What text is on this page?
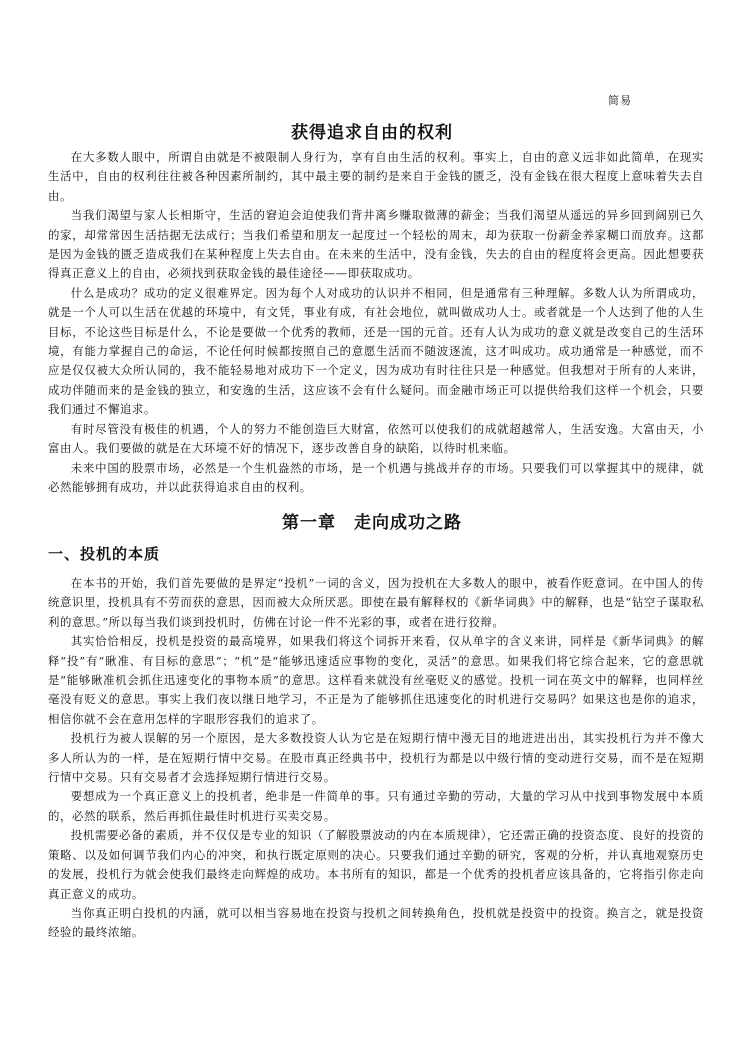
简易
获得追求自由的权利

在大多数人眼中，所谓自由就是不被限制人身行为，享有自由生活的权利。事实上，自由的意义远非如此简单，在现实生活中，自由的权利往往被各种因素所制约，其中最主要的制约是来自于金钱的匮乏，没有金钱在很大程度上意味着失去自由。

当我们渴望与家人长相斯守，生活的窘迫会迫使我们背井离乡赚取微薄的薪金；当我们渴望从遥远的异乡回到阔别已久的家，却常常因生活拮据无法成行；当我们希望和朋友一起度过一个轻松的周末，却为获取一份薪金养家糊口而放弃。这都是因为金钱的匮乏造成我们在某种程度上失去自由。在未来的生活中，没有金钱，失去的自由的程度将会更高。因此想要获得真正意义上的自由，必须找到获取金钱的最佳途径——即获取成功。

什么是成功？成功的定义很难界定。因为每个人对成功的认识并不相同，但是通常有三种理解。多数人认为所谓成功，就是一个人可以生活在优越的环境中，有文凭，事业有成，有社会地位，就叫做成功人士。或者就是一个人达到了他的人生目标，不论这些目标是什么，不论是要做一个优秀的教师，还是一国的元首。还有人认为成功的意义就是改变自己的生活环境，有能力掌握自己的命运，不论任何时候都按照自己的意愿生活而不随波逐流，这才叫成功。成功通常是一种感觉，而不应是仅仅被大众所认同的，我不能轻易地对成功下一个定义，因为成功有时往往只是一种感觉。但我想对于所有的人来讲，成功伴随而来的是金钱的独立，和安逸的生活，这应该不会有什么疑问。而金融市场正可以提供给我们这样一个机会，只要我们通过不懈追求。

有时尽管没有极佳的机遇，个人的努力不能创造巨大财富，依然可以使我们的成就超越常人，生活安逸。大富由天，小富由人。我们要做的就是在大环境不好的情况下，逐步改善自身的缺陷，以待时机来临。

未来中国的股票市场，必然是一个生机盎然的市场，是一个机遇与挑战并存的市场。只要我们可以掌握其中的规律，就必然能够拥有成功，并以此获得追求自由的权利。

第一章　走向成功之路
一、投机的本质

在本书的开始，我们首先要做的是界定“投机”一词的含义，因为投机在大多数人的眼中，被看作贬意词。在中国人的传统意识里，投机具有不劳而获的意思，因而被大众所厌恶。即使在最有解释权的《新华词典》中的解释，也是“钻空子谋取私利的意思。”所以每当我们谈到投机时，仿佛在讨论一件不光彩的事，或者在进行狡辩。

其实恰恰相反，投机是投资的最高境界，如果我们将这个词拆开来看，仅从单字的含义来讲，同样是《新华词典》的解释“投”有“瞅准、有目标的意思”；“机”是“能够迅速适应事物的变化，灵活”的意思。如果我们将它综合起来，它的意思就是“能够瞅准机会抓住迅速变化的事物本质”的意思。这样看来就没有丝毫贬义的感觉。投机一词在英文中的解释，也同样丝毫没有贬义的意思。事实上我们夜以继日地学习，不正是为了能够抓住迅速变化的时机进行交易吗？如果这也是你的追求，相信你就不会在意用怎样的字眼形容我们的追求了。

投机行为被人误解的另一个原因，是大多数投资人认为它是在短期行情中漫无目的地进进出出，其实投机行为并不像大多人所认为的一样，是在短期行情中交易。在股市真正经典书中，投机行为都是以中级行情的变动进行交易，而不是在短期行情中交易。只有交易者才会选择短期行情进行交易。

要想成为一个真正意义上的投机者，绝非是一件简单的事。只有通过辛勤的劳动，大量的学习从中找到事物发展中本质的，必然的联系，然后再抓住最佳时机进行买卖交易。

投机需要必备的素质，并不仅仅是专业的知识（了解股票波动的内在本质规律），它还需正确的投资态度、良好的投资的策略、以及如何调节我们内心的冲突，和执行既定原则的决心。只要我们通过辛勤的研究，客观的分析，并认真地观察历史的发展，投机行为就会使我们最终走向辉煌的成功。本书所有的知识，都是一个优秀的投机者应该具备的，它将指引你走向真正意义的成功。

当你真正明白投机的内涵，就可以相当容易地在投资与投机之间转换角色，投机就是投资中的投资。换言之，就是投资经验的最终浓缩。
